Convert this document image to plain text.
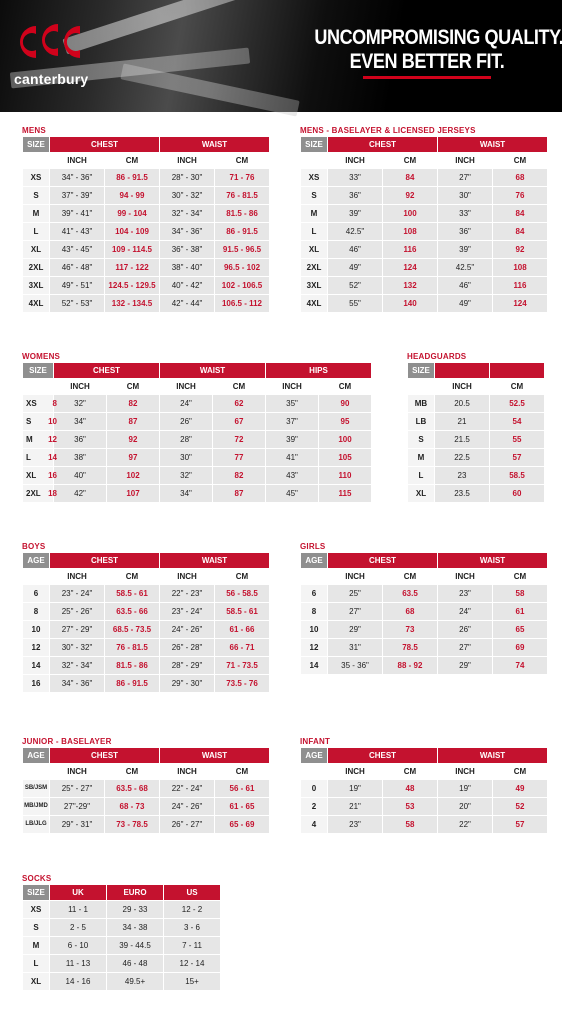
canterbury
UNCOMPROMISING QUALITY.
EVEN BETTER FIT.
MENS
SIZE	CHEST		WAIST	
	INCH	CM	INCH	CM
XS	34" - 36"	86 - 91.5	28" - 30"	71 - 76
S	37" - 39"	94 - 99	30" - 32"	76 - 81.5
M	39" - 41"	99 - 104	32" - 34"	81.5 - 86
L	41" - 43"	104 - 109	34" - 36"	86 - 91.5
XL	43" - 45"	109 - 114.5	36" - 38"	91.5 - 96.5
2XL	46" - 48"	117 - 122	38" - 40"	96.5 - 102
3XL	49" - 51"	124.5 - 129.5	40" - 42"	102 - 106.5
4XL	52" - 53"	132 - 134.5	42" - 44"	106.5 - 112
MENS - BASELAYER & LICENSED JERSEYS
SIZE	CHEST		WAIST	
	INCH	CM	INCH	CM
XS	33"	84	27"	68
S	36"	92	30"	76
M	39"	100	33"	84
L	42.5"	108	36"	84
XL	46"	116	39"	92
2XL	49"	124	42.5"	108
3XL	52"	132	46"	116
4XL	55"	140	49"	124
WOMENS
SIZE	CHEST		WAIST		HIPS	
	INCH	CM	INCH	CM	INCH	CM
XS 8	32"	82	24"	62	35"	90
S 10	34"	87	26"	67	37"	95
M 12	36"	92	28"	72	39"	100
L 14	38"	97	30"	77	41"	105
XL 16	40"	102	32"	82	43"	110
2XL 18	42"	107	34"	87	45"	115
HEADGUARDS
SIZE		
	INCH	CM
MB	20.5	52.5
LB	21	54
S	21.5	55
M	22.5	57
L	23	58.5
XL	23.5	60
BOYS
AGE	CHEST		WAIST	
	INCH	CM	INCH	CM
6	23" - 24"	58.5 - 61	22" - 23"	56 - 58.5
8	25" - 26"	63.5 - 66	23" - 24"	58.5 - 61
10	27" - 29"	68.5 - 73.5	24" - 26"	61 - 66
12	30" - 32"	76 - 81.5	26" - 28"	66 - 71
14	32" - 34"	81.5 - 86	28" - 29"	71 - 73.5
16	34" - 36"	86 - 91.5	29" - 30"	73.5 - 76
GIRLS
AGE	CHEST		WAIST	
	INCH	CM	INCH	CM
6	25"	63.5	23"	58
8	27"	68	24"	61
10	29"	73	26"	65
12	31"	78.5	27"	69
14	35 - 36"	88 - 92	29"	74
JUNIOR - BASELAYER
AGE	CHEST		WAIST	
	INCH	CM	INCH	CM
SB/JSM	25" - 27"	63.5 - 68	22" - 24"	56 - 61
MB/JMD	27"-29"	68 - 73	24" - 26"	61 - 65
LB/JLG	29" - 31"	73 - 78.5	26" - 27"	65 - 69
INFANT
AGE	CHEST		WAIST	
	INCH	CM	INCH	CM
0	19"	48	19"	49
2	21"	53	20"	52
4	23"	58	22"	57
SOCKS
SIZE	UK	EURO	US
XS	11 - 1	29 - 33	12 - 2
S	2 - 5	34 - 38	3 - 6
M	6 - 10	39 - 44.5	7 - 11
L	11 - 13	46 - 48	12 - 14
XL	14 - 16	49.5+	15+
